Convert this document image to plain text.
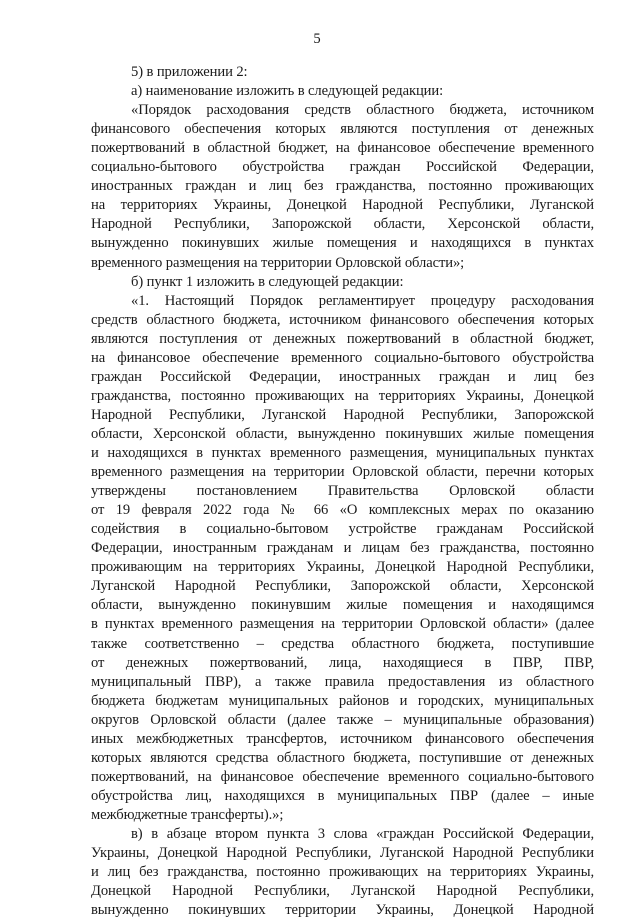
5
5) в приложении 2:
а) наименование изложить в следующей редакции:
«Порядок расходования средств областного бюджета, источником
финансового обеспечения которых являются поступления от денежных
пожертвований в областной бюджет, на финансовое обеспечение временного
социально-бытового обустройства граждан Российской Федерации,
иностранных граждан и лиц без гражданства, постоянно проживающих
на территориях Украины, Донецкой Народной Республики, Луганской
Народной Республики, Запорожской области, Херсонской области,
вынужденно покинувших жилые помещения и находящихся в пунктах
временного размещения на территории Орловской области»;
б) пункт 1 изложить в следующей редакции:
«1. Настоящий Порядок регламентирует процедуру расходования
средств областного бюджета, источником финансового обеспечения которых
являются поступления от денежных пожертвований в областной бюджет,
на финансовое обеспечение временного социально-бытового обустройства
граждан Российской Федерации, иностранных граждан и лиц без
гражданства, постоянно проживающих на территориях Украины, Донецкой
Народной Республики, Луганской Народной Республики, Запорожской
области, Херсонской области, вынужденно покинувших жилые помещения
и находящихся в пунктах временного размещения, муниципальных пунктах
временного размещения на территории Орловской области, перечни которых
утверждены постановлением Правительства Орловской области
от 19 февраля 2022 года № 66 «О комплексных мерах по оказанию
содействия в социально-бытовом устройстве гражданам Российской
Федерации, иностранным гражданам и лицам без гражданства, постоянно
проживающим на территориях Украины, Донецкой Народной Республики,
Луганской Народной Республики, Запорожской области, Херсонской
области, вынужденно покинувшим жилые помещения и находящимся
в пунктах временного размещения на территории Орловской области» (далее
также соответственно – средства областного бюджета, поступившие
от денежных пожертвований, лица, находящиеся в ПВР, ПВР,
муниципальный ПВР), а также правила предоставления из областного
бюджета бюджетам муниципальных районов и городских, муниципальных
округов Орловской области (далее также – муниципальные образования)
иных межбюджетных трансфертов, источником финансового обеспечения
которых являются средства областного бюджета, поступившие от денежных
пожертвований, на финансовое обеспечение временного социально-бытового
обустройства лиц, находящихся в муниципальных ПВР (далее – иные
межбюджетные трансферты).»;
в) в абзаце втором пункта 3 слова «граждан Российской Федерации,
Украины, Донецкой Народной Республики, Луганской Народной Республики
и лиц без гражданства, постоянно проживающих на территориях Украины,
Донецкой Народной Республики, Луганской Народной Республики,
вынужденно покинувших территории Украины, Донецкой Народной
